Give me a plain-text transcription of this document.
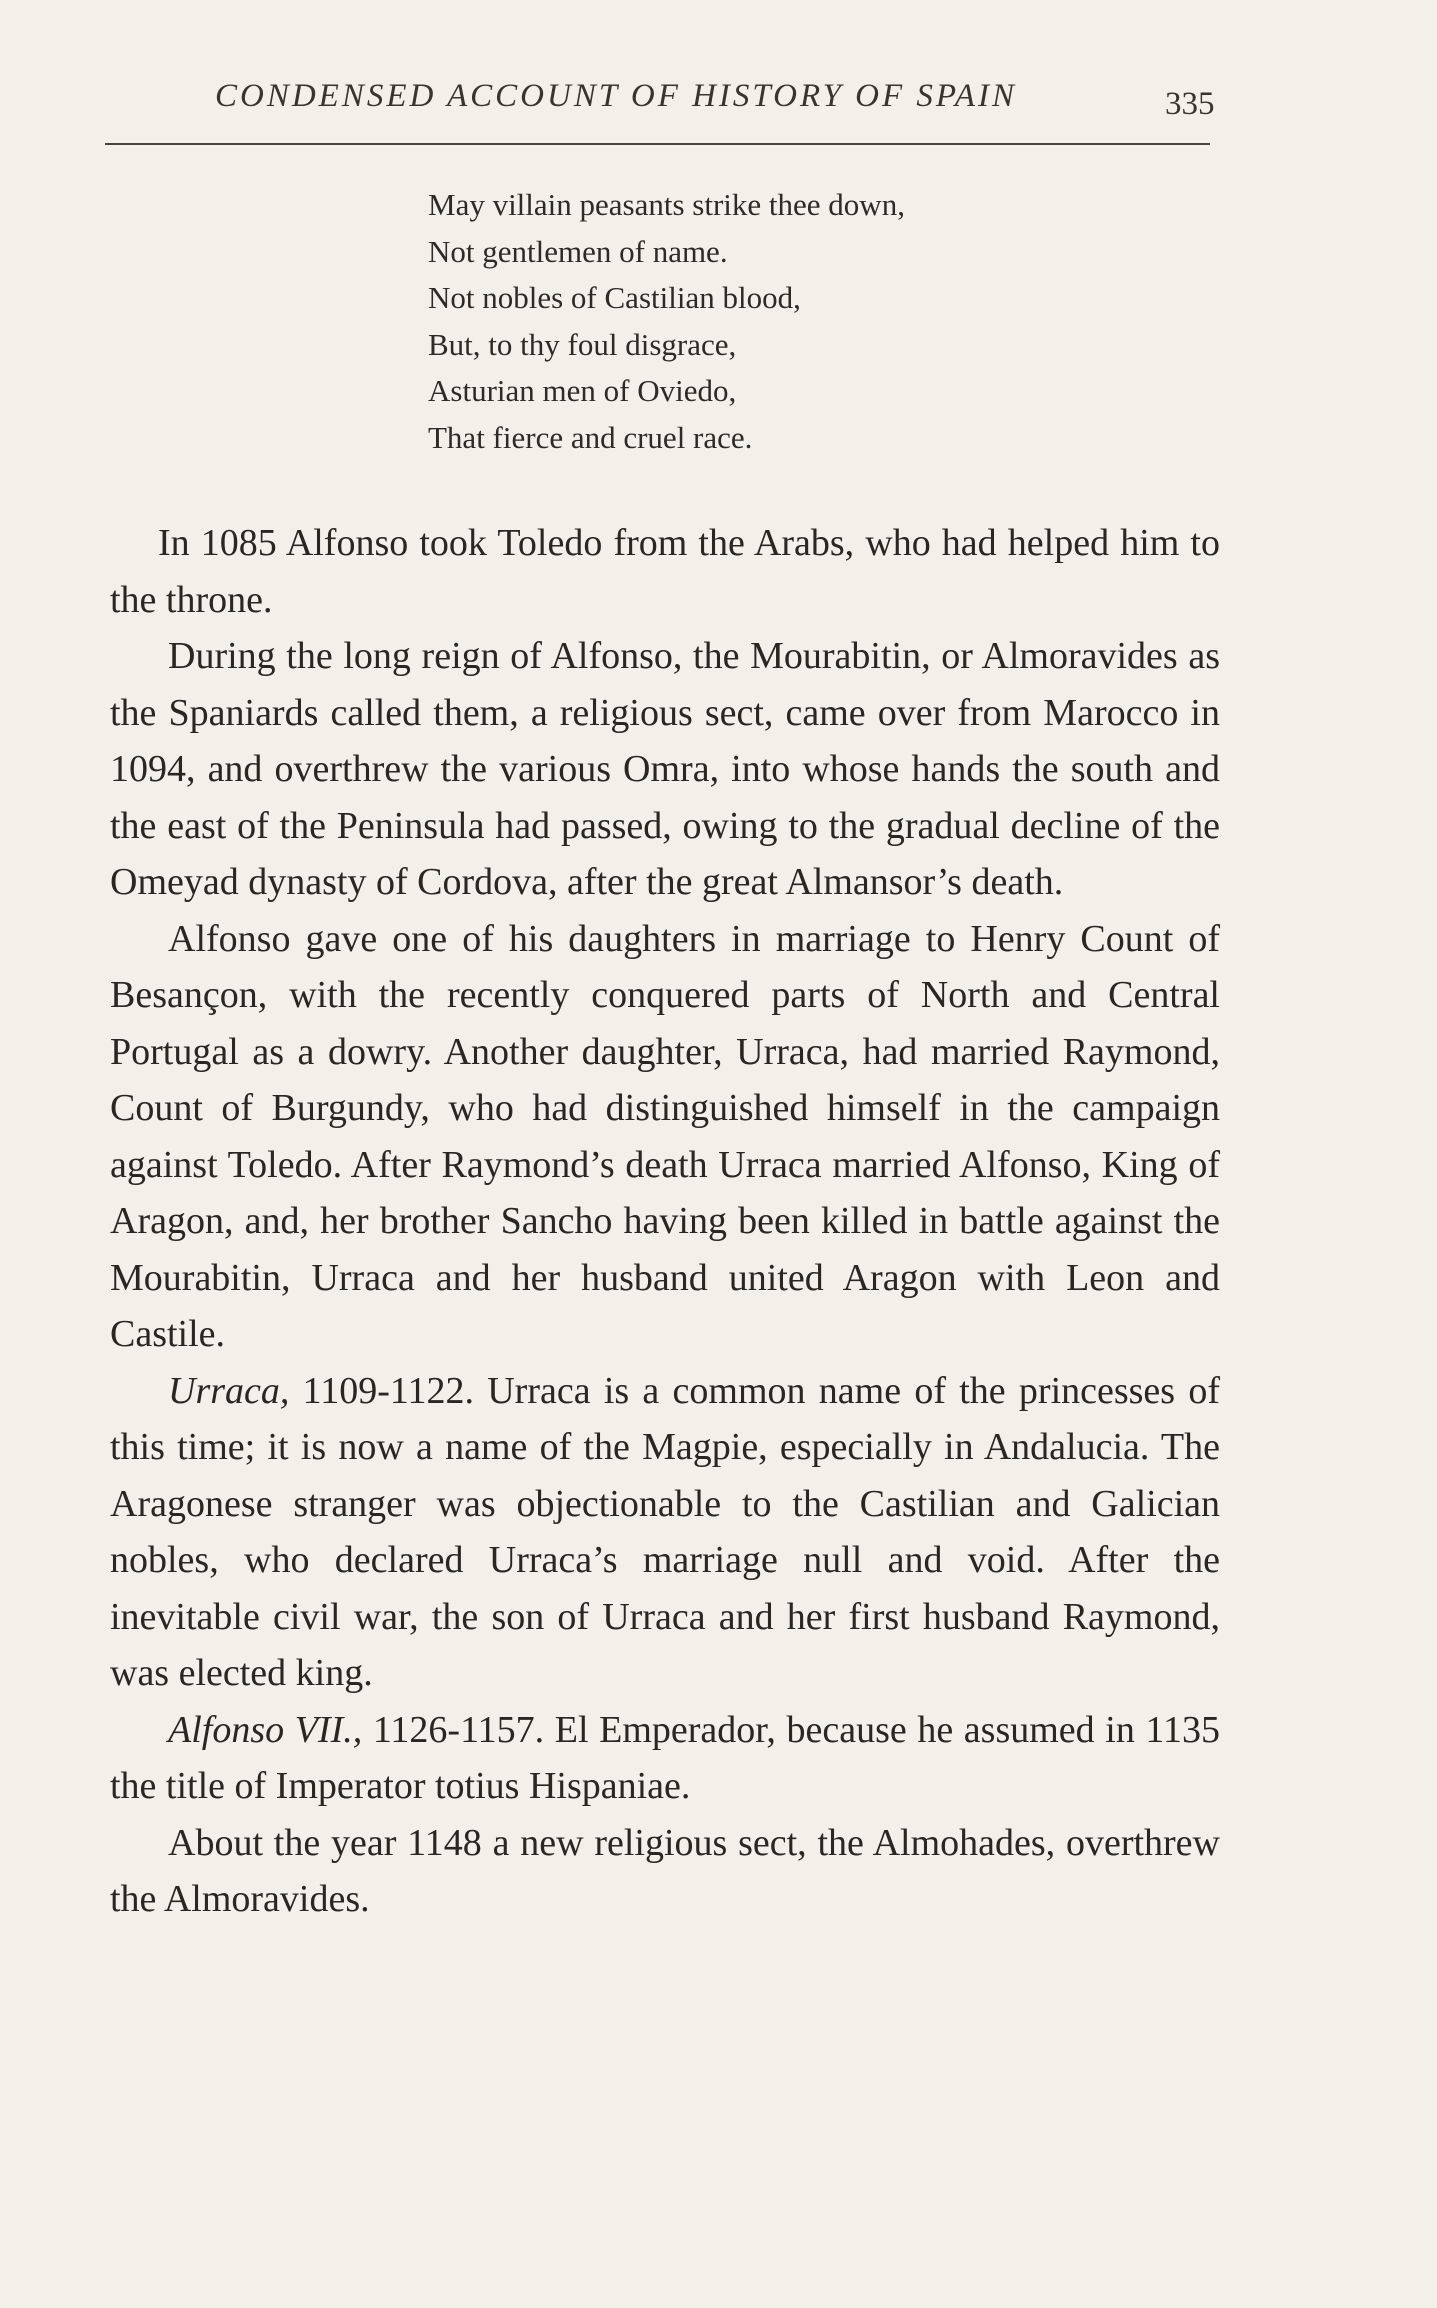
CONDENSED ACCOUNT OF HISTORY OF SPAIN	335
May villain peasants strike thee down,
Not gentlemen of name.
Not nobles of Castilian blood,
But, to thy foul disgrace,
Asturian men of Oviedo,
That fierce and cruel race.

In 1085 Alfonso took Toledo from the Arabs, who had helped him to the throne.

During the long reign of Alfonso, the Mourabitin, or Almoravides as the Spaniards called them, a religious sect, came over from Marocco in 1094, and overthrew the various Omra, into whose hands the south and the east of the Peninsula had passed, owing to the gradual decline of the Omeyad dynasty of Cordova, after the great Almansor’s death.

Alfonso gave one of his daughters in marriage to Henry Count of Besançon, with the recently conquered parts of North and Central Portugal as a dowry. Another daughter, Urraca, had married Raymond, Count of Burgundy, who had distinguished himself in the campaign against Toledo. After Raymond’s death Urraca married Alfonso, King of Aragon, and, her brother Sancho having been killed in battle against the Mourabitin, Urraca and her husband united Aragon with Leon and Castile.

Urraca, 1109-1122. Urraca is a common name of the princesses of this time; it is now a name of the Magpie, especially in Andalucia. The Aragonese stranger was objectionable to the Castilian and Galician nobles, who declared Urraca’s marriage null and void. After the inevitable civil war, the son of Urraca and her first husband Raymond, was elected king.

Alfonso VII., 1126-1157. El Emperador, because he assumed in 1135 the title of Imperator totius Hispaniae.

About the year 1148 a new religious sect, the Almohades, overthrew the Almoravides.
